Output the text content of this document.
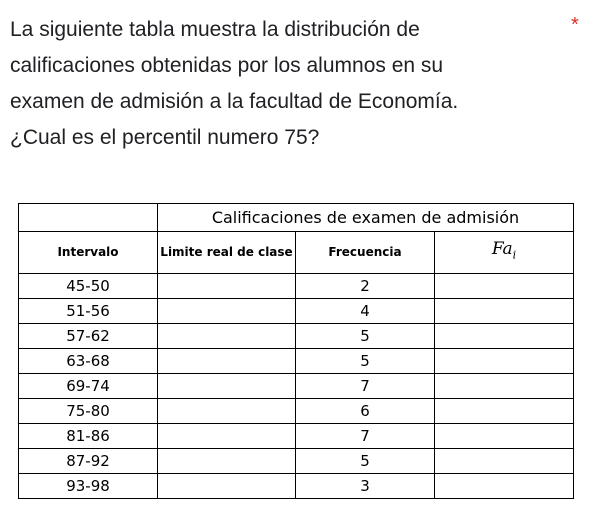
La siguiente tabla muestra la distribución de
calificaciones obtenidas por los alumnos en su
examen de admisión a la facultad de Economía.
¿Cual es el percentil numero 75?

*
	Calificaciones de examen de admisión		
Intervalo	Limite real de clase	Frecuencia	$Fa_i$
45-50		2	
51-56		4	
57-62		5	
63-68		5	
69-74		7	
75-80		6	
81-86		7	
87-92		5	
93-98		3	
